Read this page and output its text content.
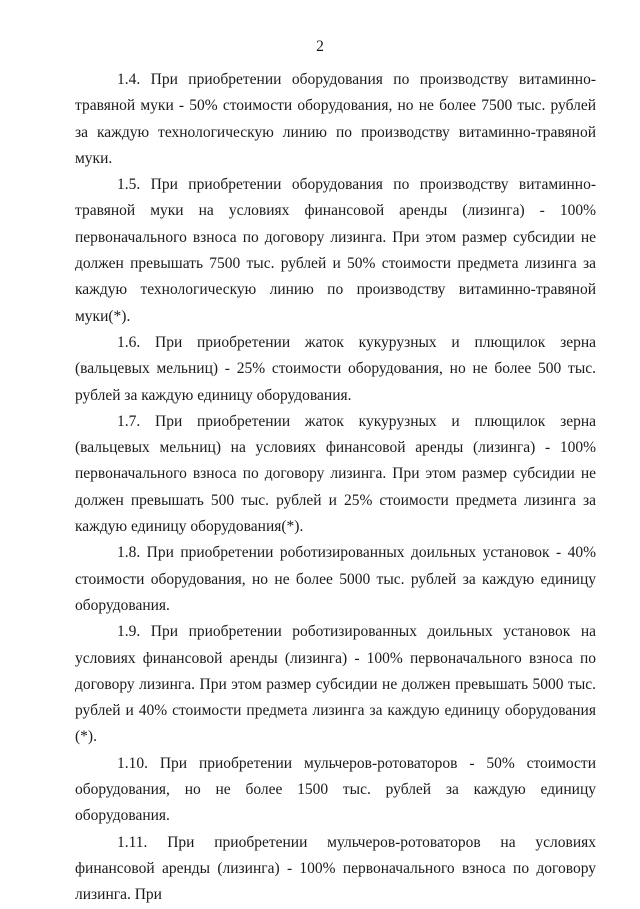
2

1.4. При приобретении оборудования по производству витаминно-травяной муки - 50% стоимости оборудования, но не более 7500 тыс. рублей за каждую технологическую линию по производству витаминно-травяной муки.

1.5. При приобретении оборудования по производству витаминно-травяной муки на условиях финансовой аренды (лизинга) - 100% первоначального взноса по договору лизинга. При этом размер субсидии не должен превышать 7500 тыс. рублей и 50% стоимости предмета лизинга за каждую технологическую линию по производству витаминно-травяной муки(*).

1.6. При приобретении жаток кукурузных и плющилок зерна (вальцевых мельниц) - 25% стоимости оборудования, но не более 500 тыс. рублей за каждую единицу оборудования.

1.7. При приобретении жаток кукурузных и плющилок зерна (вальцевых мельниц) на условиях финансовой аренды (лизинга) - 100% первоначального взноса по договору лизинга. При этом размер субсидии не должен превышать 500 тыс. рублей и 25% стоимости предмета лизинга за каждую единицу оборудования(*).

1.8. При приобретении роботизированных доильных установок - 40% стоимости оборудования, но не более 5000 тыс. рублей за каждую единицу оборудования.

1.9. При приобретении роботизированных доильных установок на условиях финансовой аренды (лизинга) - 100% первоначального взноса по договору лизинга. При этом размер субсидии не должен превышать 5000 тыс. рублей и 40% стоимости предмета лизинга за каждую единицу оборудования (*).

1.10. При приобретении мульчеров-ротоваторов - 50% стоимости оборудования, но не более 1500 тыс. рублей за каждую единицу оборудования.

1.11. При приобретении мульчеров-ротоваторов на условиях финансовой аренды (лизинга) - 100% первоначального взноса по договору лизинга. При
